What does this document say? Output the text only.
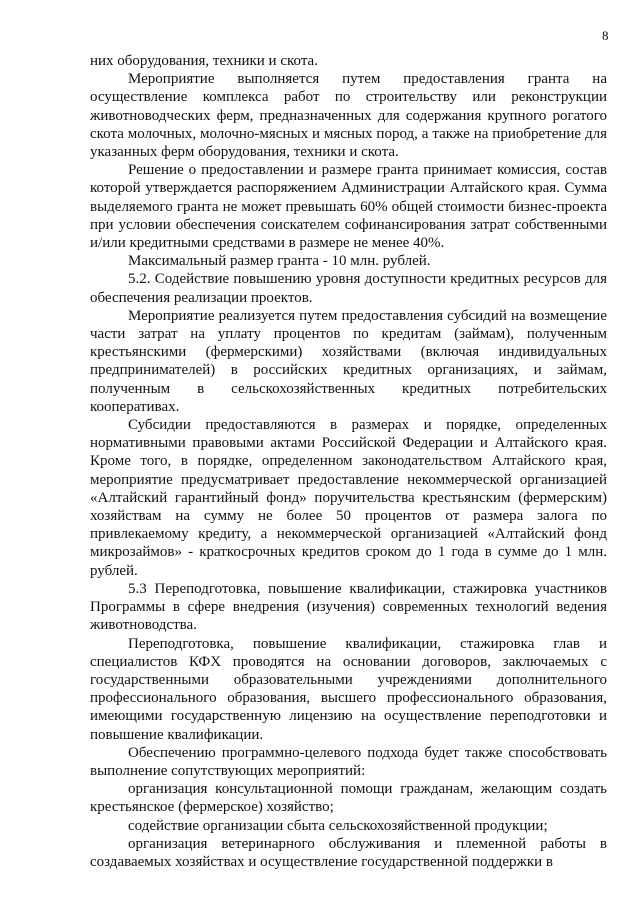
8

них оборудования, техники и скота.

Мероприятие выполняется путем предоставления гранта на осуществление комплекса работ по строительству или реконструкции животноводческих ферм, предназначенных для содержания крупного рогатого скота молочных, молочно-мясных и мясных пород, а также на приобретение для указанных ферм оборудования, техники и скота.

Решение о предоставлении и размере гранта принимает комиссия, состав которой утверждается распоряжением Администрации Алтайского края. Сумма выделяемого гранта не может превышать 60% общей стоимости бизнес-проекта при условии обеспечения соискателем софинансирования затрат собственными и/или кредитными средствами в размере не менее 40%.

Максимальный размер гранта - 10 млн. рублей.

5.2. Содействие повышению уровня доступности кредитных ресурсов для обеспечения реализации проектов.

Мероприятие реализуется путем предоставления субсидий на возмещение части затрат на уплату процентов по кредитам (займам), полученным крестьянскими (фермерскими) хозяйствами (включая индивидуальных предпринимателей) в российских кредитных организациях, и займам, полученным в сельскохозяйственных кредитных потребительских кооперативах.

Субсидии предоставляются в размерах и порядке, определенных нормативными правовыми актами Российской Федерации и Алтайского края. Кроме того, в порядке, определенном законодательством Алтайского края, мероприятие предусматривает предоставление некоммерческой организацией «Алтайский гарантийный фонд» поручительства крестьянским (фермерским) хозяйствам на сумму не более 50 процентов от размера залога по привлекаемому кредиту, а некоммерческой организацией «Алтайский фонд микрозаймов» - краткосрочных кредитов сроком до 1 года в сумме до 1 млн. рублей.

5.3 Переподготовка, повышение квалификации, стажировка участников Программы в сфере внедрения (изучения) современных технологий ведения животноводства.

Переподготовка, повышение квалификации, стажировка глав и специалистов КФХ проводятся на основании договоров, заключаемых с государственными образовательными учреждениями дополнительного профессионального образования, высшего профессионального образования, имеющими государственную лицензию на осуществление переподготовки и повышение квалификации.

Обеспечению программно-целевого подхода будет также способствовать выполнение сопутствующих мероприятий:

организация консультационной помощи гражданам, желающим создать крестьянское (фермерское) хозяйство;

содействие организации сбыта сельскохозяйственной продукции;

организация ветеринарного обслуживания и племенной работы в создаваемых хозяйствах и осуществление государственной поддержки в
